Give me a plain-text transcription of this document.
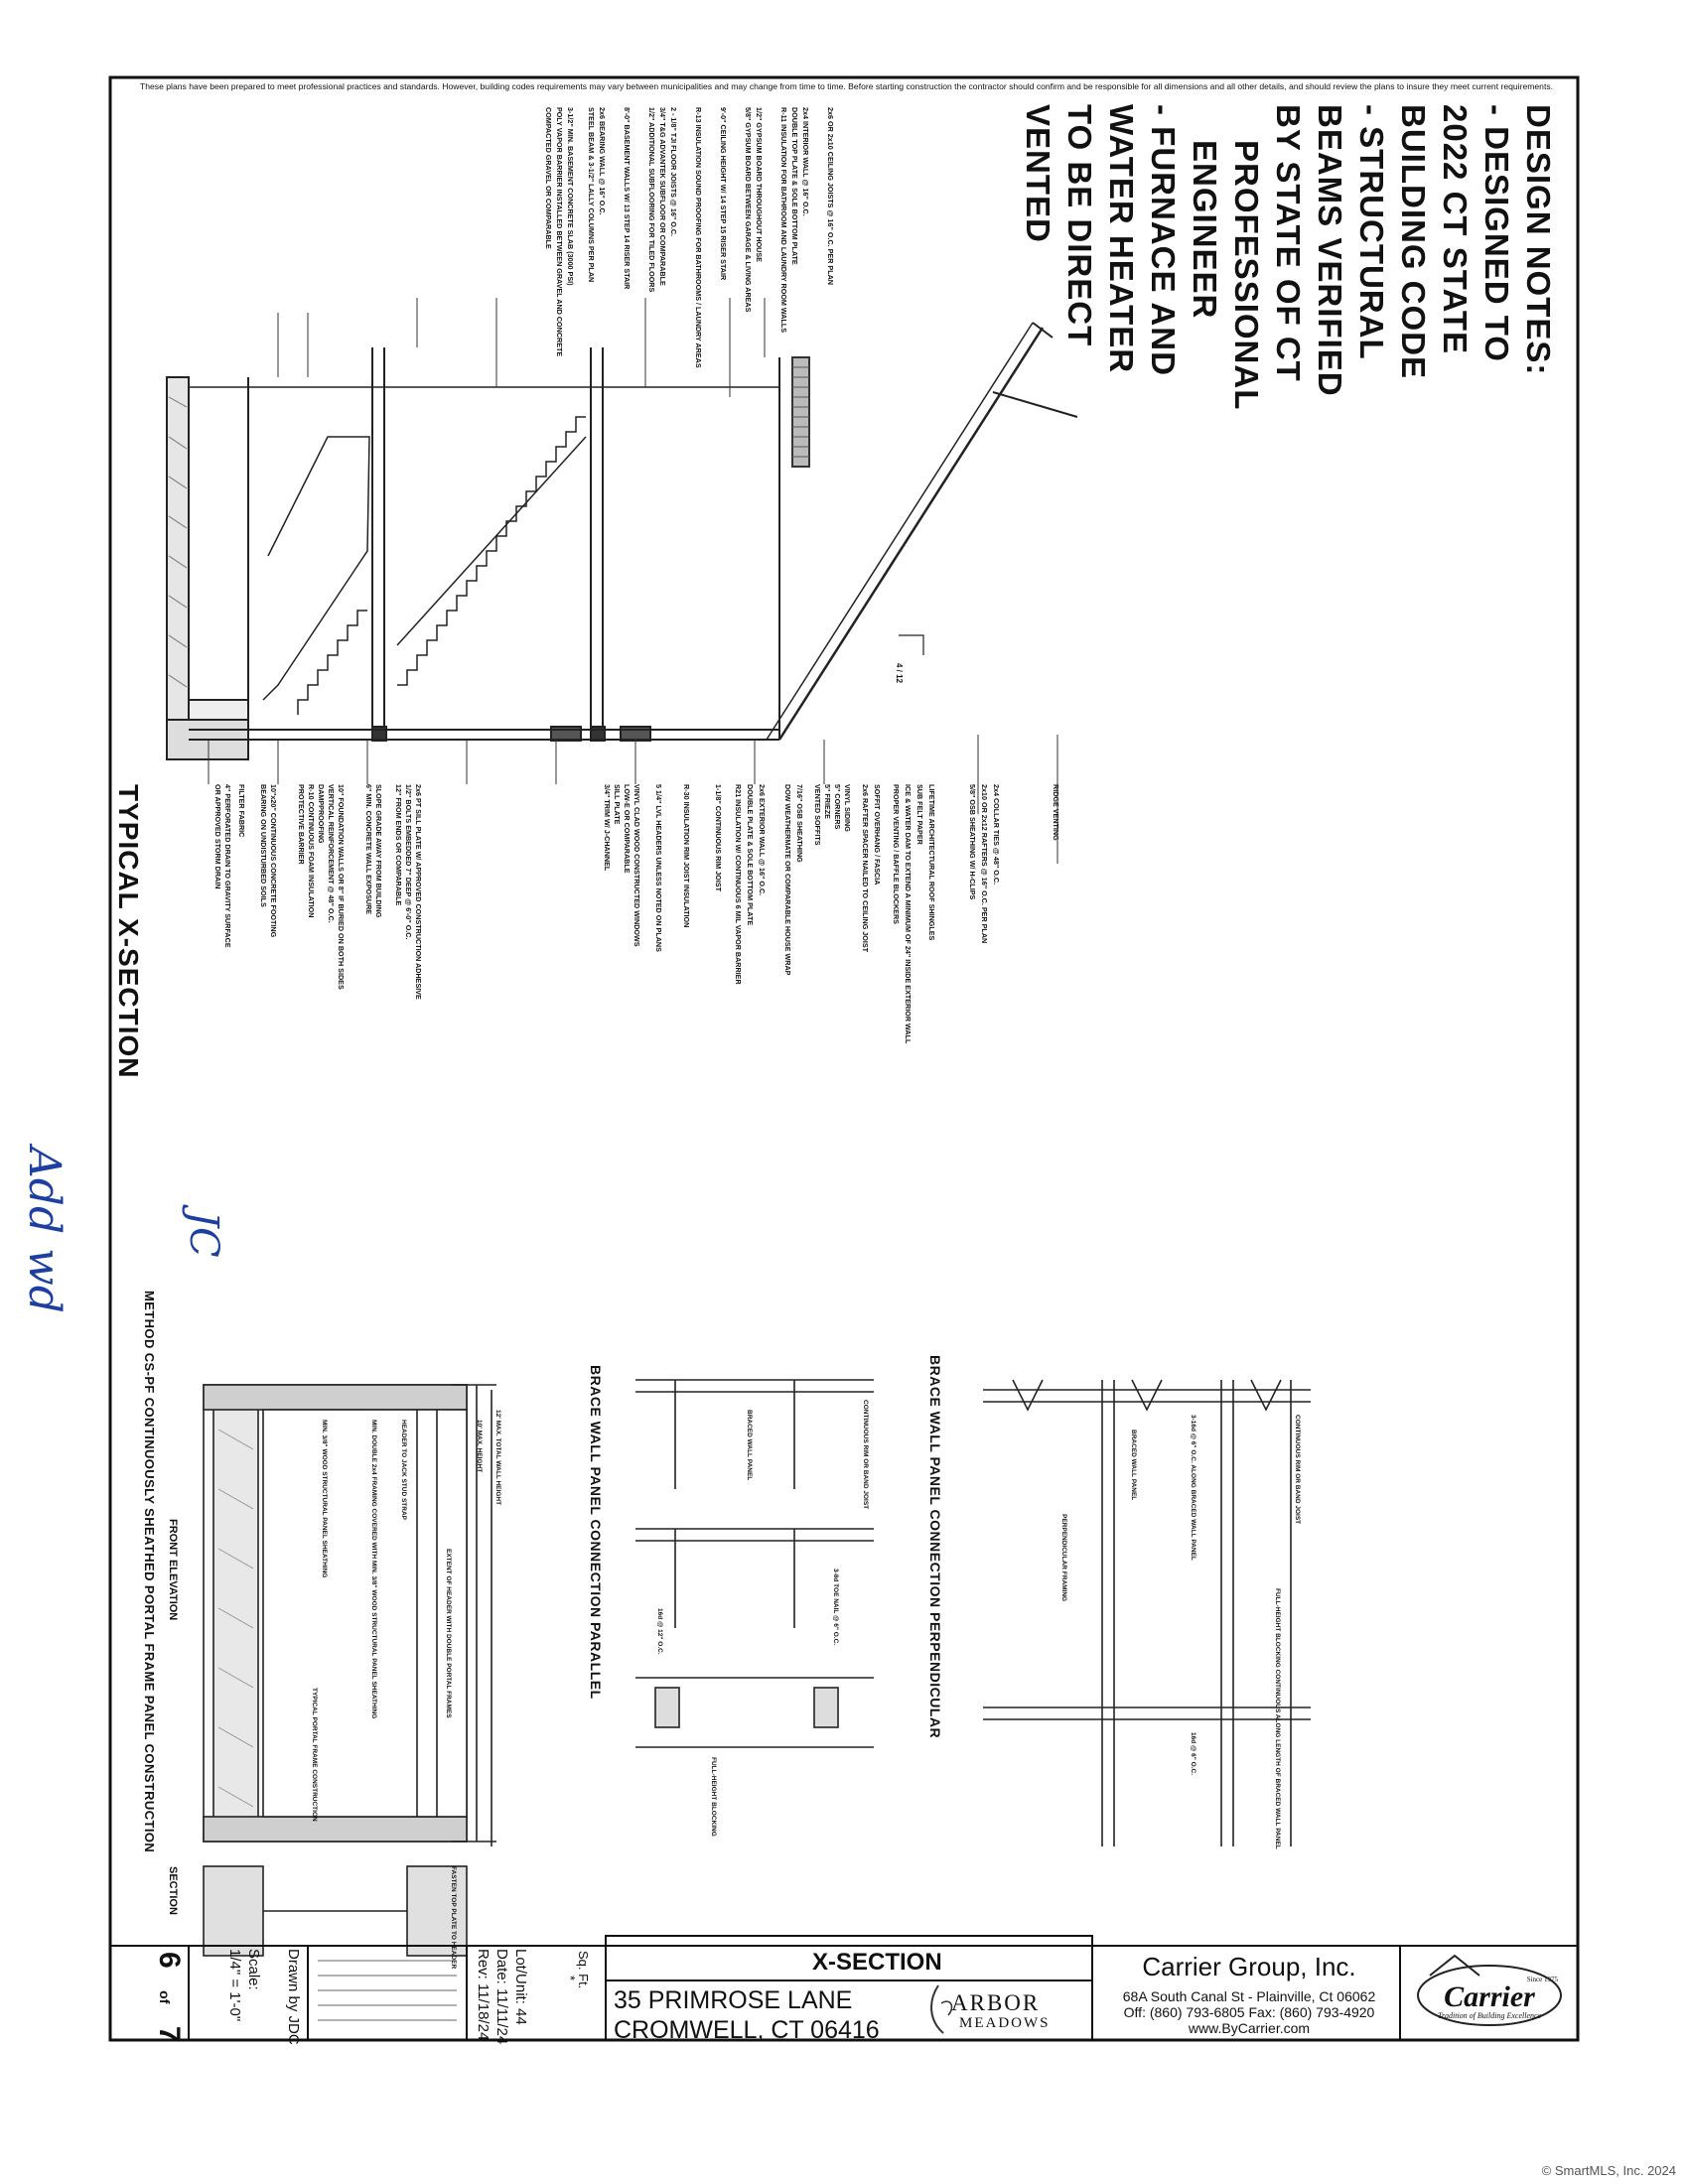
These plans have been prepared to meet professional practices and standards. However, building codes requirements may vary between municipalities and may change from time to time. Before starting construction the contractor should confirm and be responsible for all dimensions and all other details, and should review the plans to insure they meet current requirements.
DESIGN NOTES:
- DESIGNED TO 2022 CT STATE BUILDING CODE
- STRUCTURAL BEAMS VERIFIED BY STATE OF CT
PROFESSIONAL ENGINEER
- FURNACE AND WATER HEATER TO BE DIRECT VENTED
TYPICAL X-SECTION
2x6 OR 2x10 CEILING JOISTS @ 16" O.C. PER PLAN
2x4 INTERIOR WALL @ 16" O.C.
DOUBLE TOP PLATE & SOLE BOTTOM PLATE
R-11 INSULATION FOR BATHROOM AND LAUNDRY ROOM WALLS
1/2" GYPSUM BOARD THROUGHOUT HOUSE
5/8" GYPSUM BOARD BETWEEN GARAGE & LIVING AREAS
9'-0" CEILING HEIGHT W/ 14 STEP 15 RISER STAIR
R-13 INSULATION SOUND PROOFING FOR BATHROOMS / LAUNDRY AREAS
2 - 1/8" TJI FLOOR JOISTS @ 16" O.C.
3/4" T&G ADVANTEK SUBFLOOR OR COMPARABLE
1/2" ADDITIONAL SUBFLOORING FOR TILED FLOORS
8'-0" BASEMENT WALLS W/ 13 STEP 14 RISER STAIR
2x6 BEARING WALL @ 16" O.C.
STEEL BEAM & 3-1/2" LALLY COLUMNS PER PLAN
3-1/2" MIN. BASEMENT CONCRETE SLAB (3000 PSI)
POLY VAPOR BARRIER INSTALLED BETWEEN GRAVEL AND CONCRETE
COMPACTED GRAVEL OR COMPARABLE
RIDGE VENTING
2x4 COLLAR TIES @ 48" O.C.
2x10 OR 2x12 RAFTERS @ 16" O.C. PER PLAN
5/8" OSB SHEATHING W/ H-CLIPS
LIFETIME ARCHITECTURAL ROOF SHINGLES
SUB FELT PAPER
ICE & WATER DAM TO EXTEND A MINIMUM OF 24" INSIDE EXTERIOR WALL
PROPER VENTING / BAFFLE BLOCKERS
SOFFIT OVERHANG / FASCIA
2x6 RAFTER SPACER NAILED TO CEILING JOIST
VINYL SIDING
5" CORNERS
5" FRIEZE
VENTED SOFFITS
7/16" OSB SHEATHING
DOW WEATHERMATE OR COMPARABLE HOUSE WRAP
2x6 EXTERIOR WALL @ 16" O.C.
DOUBLE PLATE & SOLE BOTTOM PLATE
R21 INSULATION W/ CONTINUOUS 6 MIL VAPOR BARRIER
1-1/8" CONTINUOUS RIM JOIST
R-30 INSULATION RIM JOIST INSULATION
5 1/4" LVL HEADERS UNLESS NOTED ON PLANS
VINYL CLAD WOOD CONSTRUCTED WINDOWS
LOW-E OR COMPARABLE
SILL PLATE
3/4" TRIM W/ J-CHANNEL
2x6 PT SILL PLATE W/ APPROVED CONSTRUCTION ADHESIVE
1/2" BOLTS EMBEDDED 7" DEEP @ 6'-0" O.C.
12" FROM ENDS OR COMPARABLE
SLOPE GRADE AWAY FROM BUILDING
6" MIN. CONCRETE WALL EXPOSURE
10" FOUNDATION WALLS OR 8" IF BURIED ON BOTH SIDES
VERTICAL REINFORCEMENT @ 48" O.C.
DAMPPROOFING
R-10 CONTINUOUS FOAM INSULATION
PROTECTIVE BARRIER
10"x20" CONTINUOUS CONCRETE FOOTING
BEARING ON UNDISTURBED SOILS
FILTER FABRIC
4" PERFORATED DRAIN TO GRAVITY SURFACE
OR APPROVED STORM DRAIN
4 / 12
BRACE WALL PANEL CONNECTION PERPENDICULAR	CONTINUOUS RIM OR BAND JOIST
3-16d @ 6" O.C. ALONG BRACED WALL PANEL
BRACED WALL PANEL
PERPENDICULAR FRAMING
FULL-HEIGHT BLOCKING CONTINUOUS ALONG LENGTH OF BRACED WALL PANEL
16d @ 6" O.C.
BRACE WALL PANEL CONNECTION PARALLEL	CONTINUOUS RIM OR BAND JOIST
3-8d TOE NAIL @ 6" O.C.
BRACED WALL PANEL
FULL-HEIGHT BLOCKING
16d @ 12" O.C.
METHOD CS-PF CONTINUOUSLY SHEATHED PORTAL FRAME PANEL CONSTRUCTION FRONT ELEVATION
SECTION
12' MAX. TOTAL WALL HEIGHT
10' MAX. HEIGHT
EXTENT OF HEADER WITH DOUBLE PORTAL FRAMES
HEADER TO JACK STUD STRAP
MIN. DOUBLE 2x4 FRAMING COVERED WITH MIN. 3/8" WOOD STRUCTURAL PANEL SHEATHING
MIN. 3/8" WOOD STRUCTURAL PANEL SHEATHING
FASTEN TOP PLATE TO HEADER
TYPICAL PORTAL FRAME CONSTRUCTION
Add wd	JC
X-SECTION
35 PRIMROSE LANE
CROMWELL, CT 06416
ARBOR
MEADOWS
Sq. Ft.
*	Carrier Group, Inc.
68A South Canal St - Plainville, Ct 06062
Off: (860) 793-6805 Fax: (860) 793-4920
www.ByCarrier.com
Since 1975
Carrier
Tradition of Building Excellence
Lot/Unit: 44
Date: 11/11/24
Rev: 11/18/24
Drawn by JDC
Scale:
1/4" = 1'-0"
6 of 7
© SmartMLS, Inc. 2024
